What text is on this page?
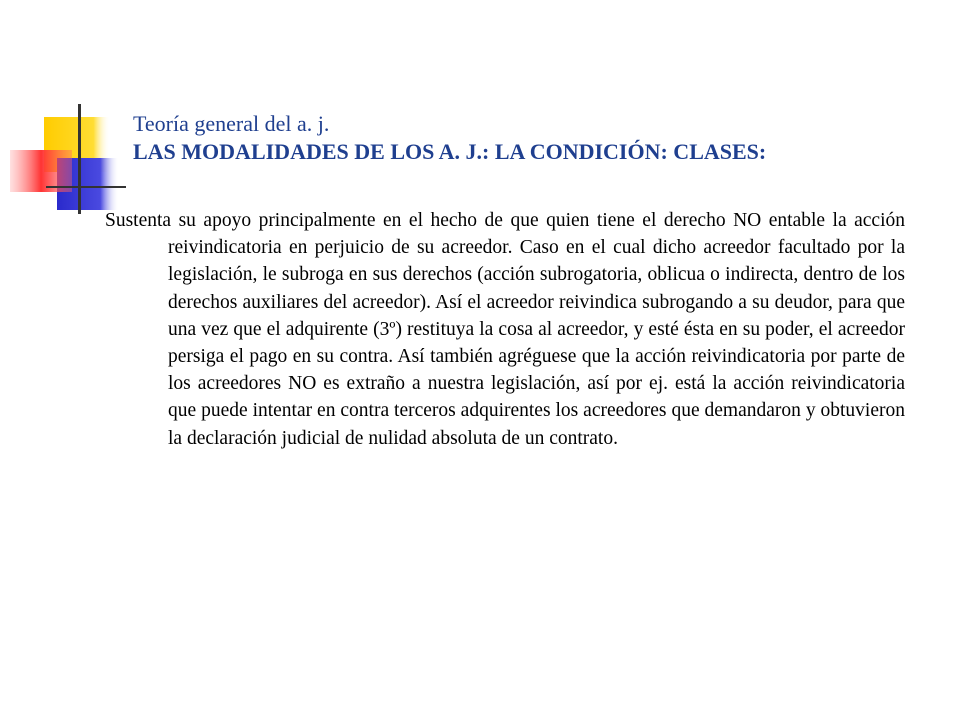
Teoría general del a. j.
LAS MODALIDADES DE LOS A. J.: LA CONDICIÓN: CLASES:
Sustenta su apoyo principalmente en el hecho de que quien tiene el derecho NO entable la acción reivindicatoria en perjuicio de su acreedor. Caso en el cual dicho acreedor facultado por la legislación, le subroga en sus derechos (acción subrogatoria, oblicua o indirecta, dentro de los derechos auxiliares del acreedor). Así el acreedor reivindica subrogando a su deudor, para que una vez que el adquirente (3º) restituya la cosa al acreedor, y esté ésta en su poder, el acreedor persiga el pago en su contra. Así también agréguese que la acción reivindicatoria por parte de los acreedores NO es extraño a nuestra legislación, así por ej. está la acción reivindicatoria que puede intentar en contra terceros adquirentes los acreedores que demandaron y obtuvieron la declaración judicial de nulidad absoluta de un contrato.
